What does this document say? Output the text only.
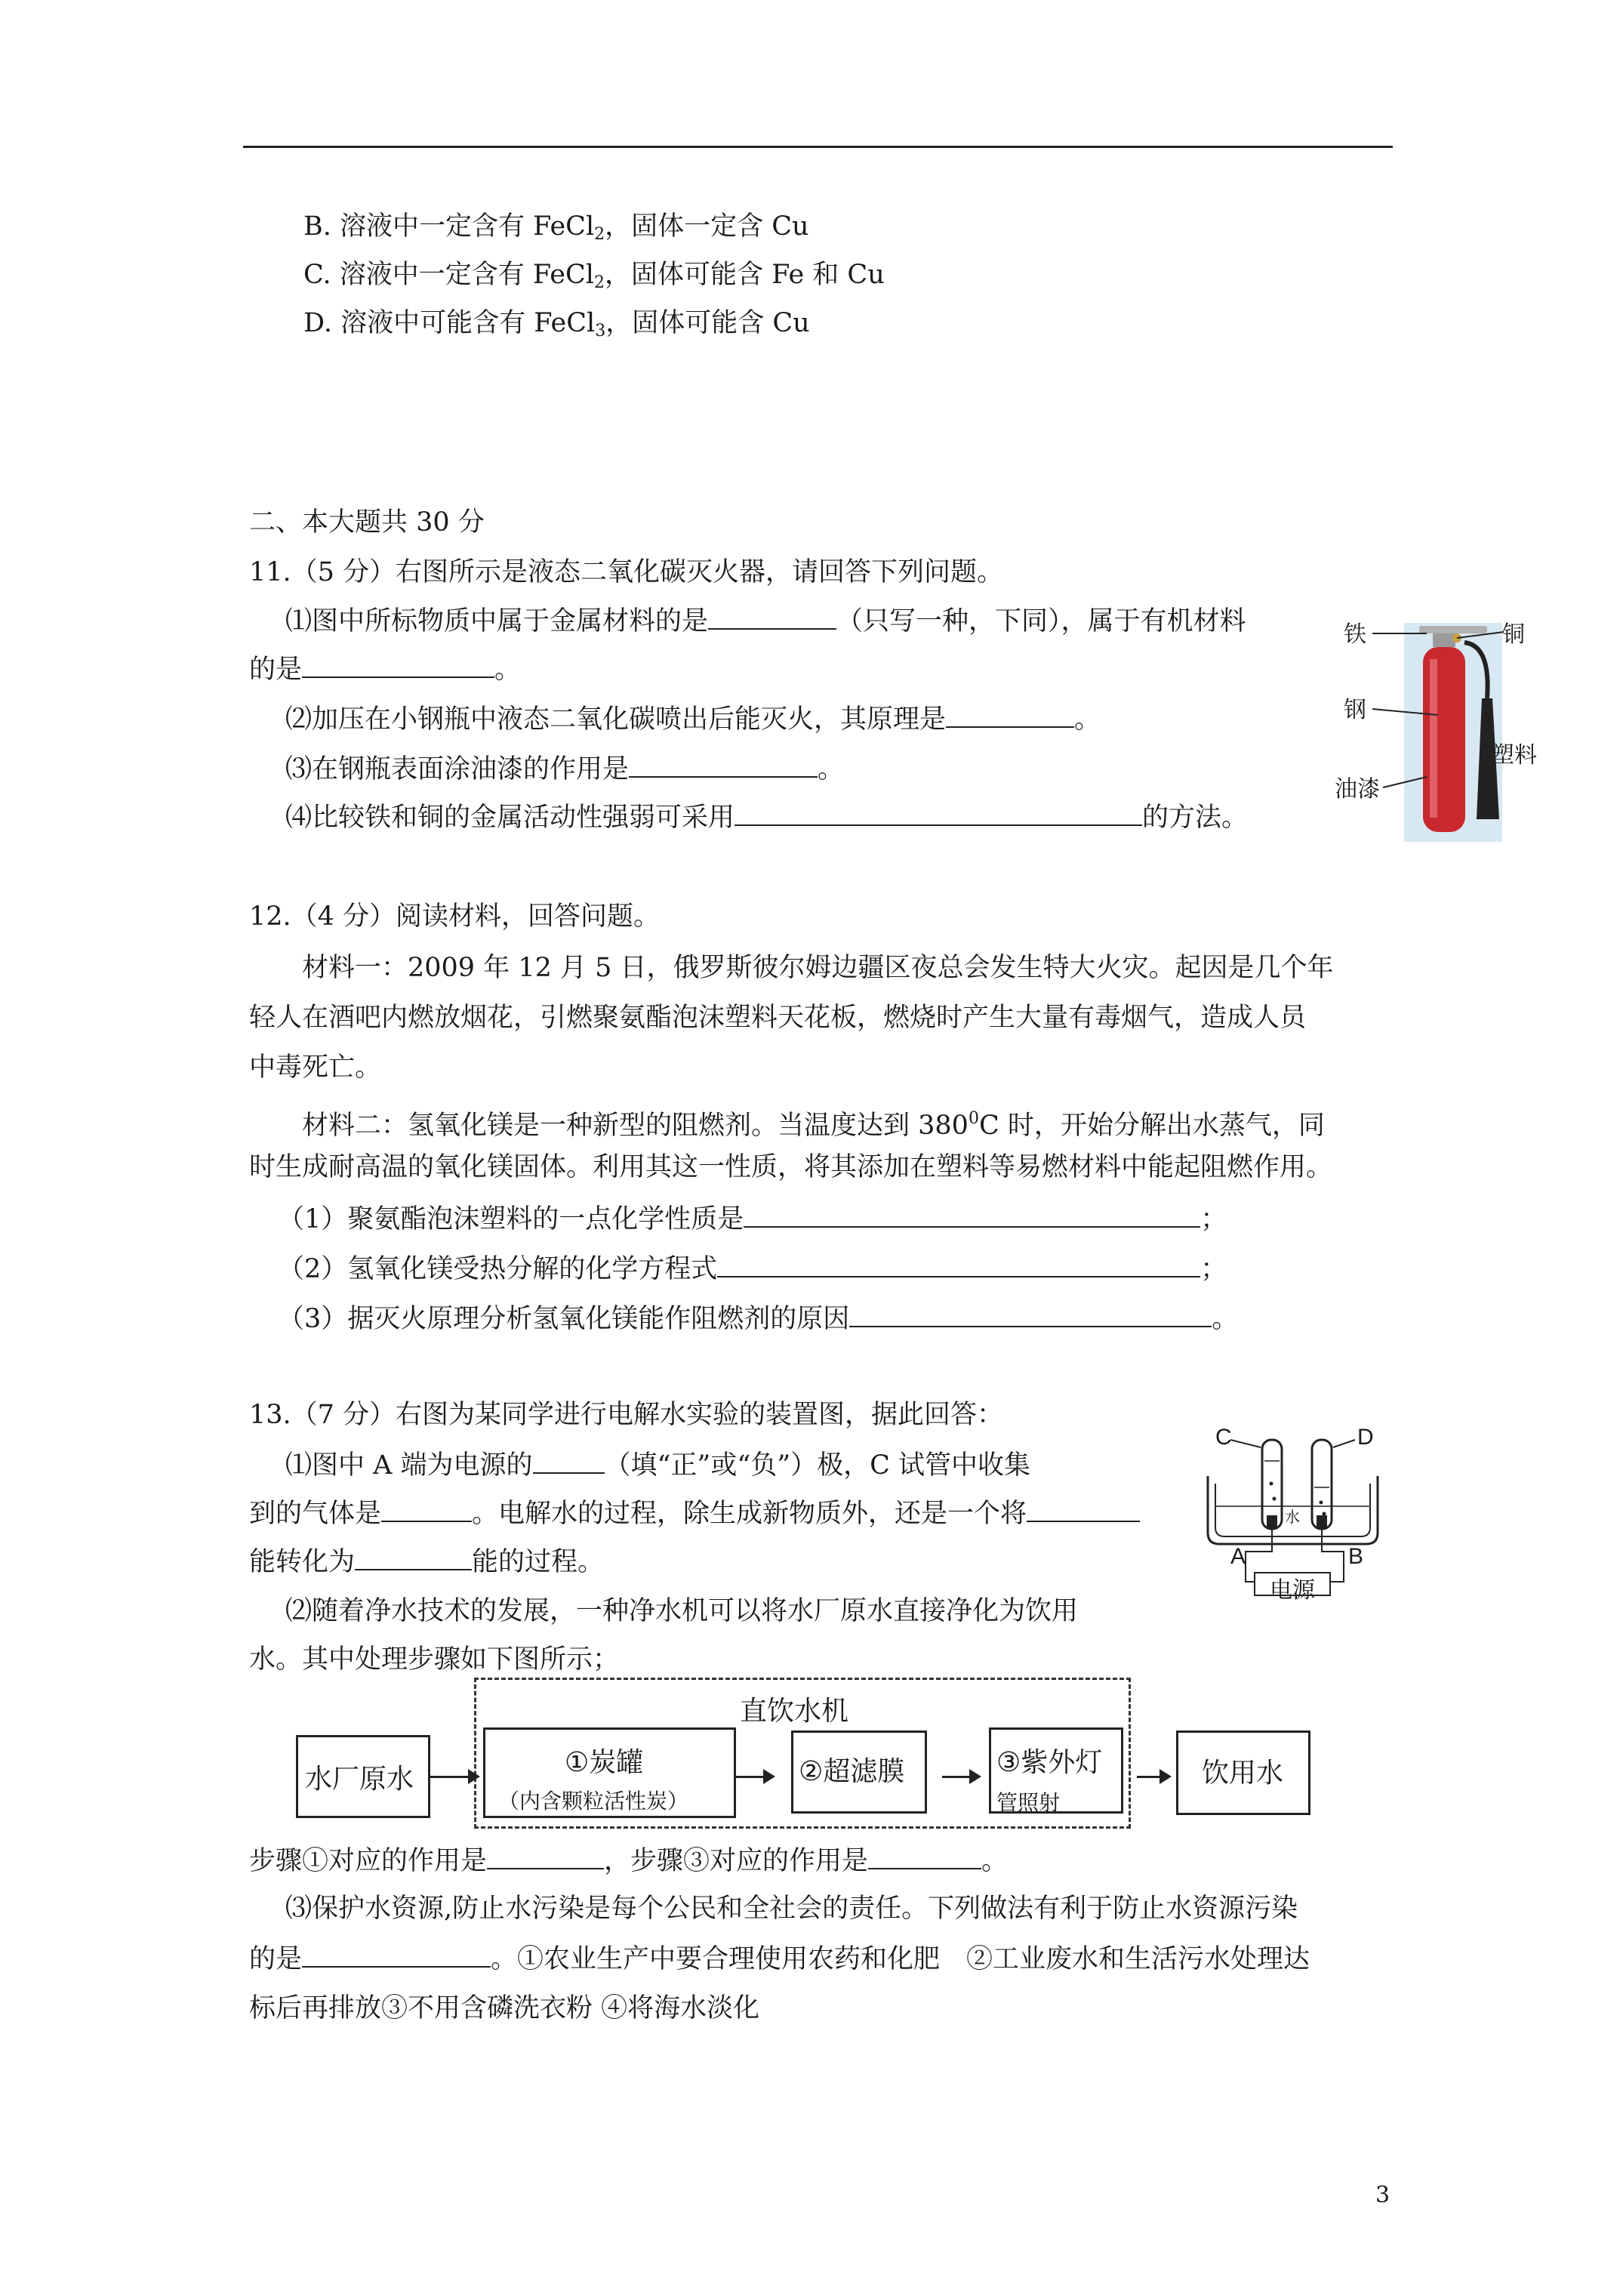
B. 溶液中一定含有 FeCl$_2$，固体一定含 Cu
C. 溶液中一定含有 FeCl$_2$，固体可能含 Fe 和 Cu
D. 溶液中可能含有 FeCl$_3$，固体可能含 Cu
二、本大题共 30 分
11.（5 分）右图所示是液态二氧化碳灭火器，请回答下列问题。
⑴图中所标物质中属于金属材料的是	（只写一种，下同），属于有机材料
的是	。
⑵加压在小钢瓶中液态二氧化碳喷出后能灭火，其原理是	。
⑶在钢瓶表面涂油漆的作用是	。
⑷比较铁和铜的金属活动性强弱可采用	的方法。
铁	铜
钢
塑料
油漆
12.（4 分）阅读材料，回答问题。
材料一：2009 年 12 月 5 日，俄罗斯彼尔姆边疆区夜总会发生特大火灾。起因是几个年
轻人在酒吧内燃放烟花，引燃聚氨酯泡沫塑料天花板，燃烧时产生大量有毒烟气，造成人员
中毒死亡。
材料二：氢氧化镁是一种新型的阻燃剂。当温度达到 $380^0C$ 时，开始分解出水蒸气，同
时生成耐高温的氧化镁固体。利用其这一性质，将其添加在塑料等易燃材料中能起阻燃作用。
（1）聚氨酯泡沫塑料的一点化学性质是	；
（2）氢氧化镁受热分解的化学方程式	；
（3）据灭火原理分析氢氧化镁能作阻燃剂的原因	。
13.（7 分）右图为某同学进行电解水实验的装置图，据此回答：
⑴图中 A 端为电源的	（填“正”或“负”）极，C 试管中收集
到的气体是	。电解水的过程，除生成新物质外，还是一个将
能转化为	能的过程。
⑵随着净水技术的发展，一种净水机可以将水厂原水直接净化为饮用
水。其中处理步骤如下图所示；
C	D
A	B
水
电源
直饮水机
水厂原水
①炭罐
（内含颗粒活性炭）
②超滤膜	③紫外灯
管照射
饮用水
步骤①对应的作用是	，步骤③对应的作用是	。
⑶保护水资源,防止水污染是每个公民和全社会的责任。下列做法有利于防止水资源污染
的是	。①农业生产中要合理使用农药和化肥　②工业废水和生活污水处理达
标后再排放③不用含磷洗衣粉 ④将海水淡化
3
